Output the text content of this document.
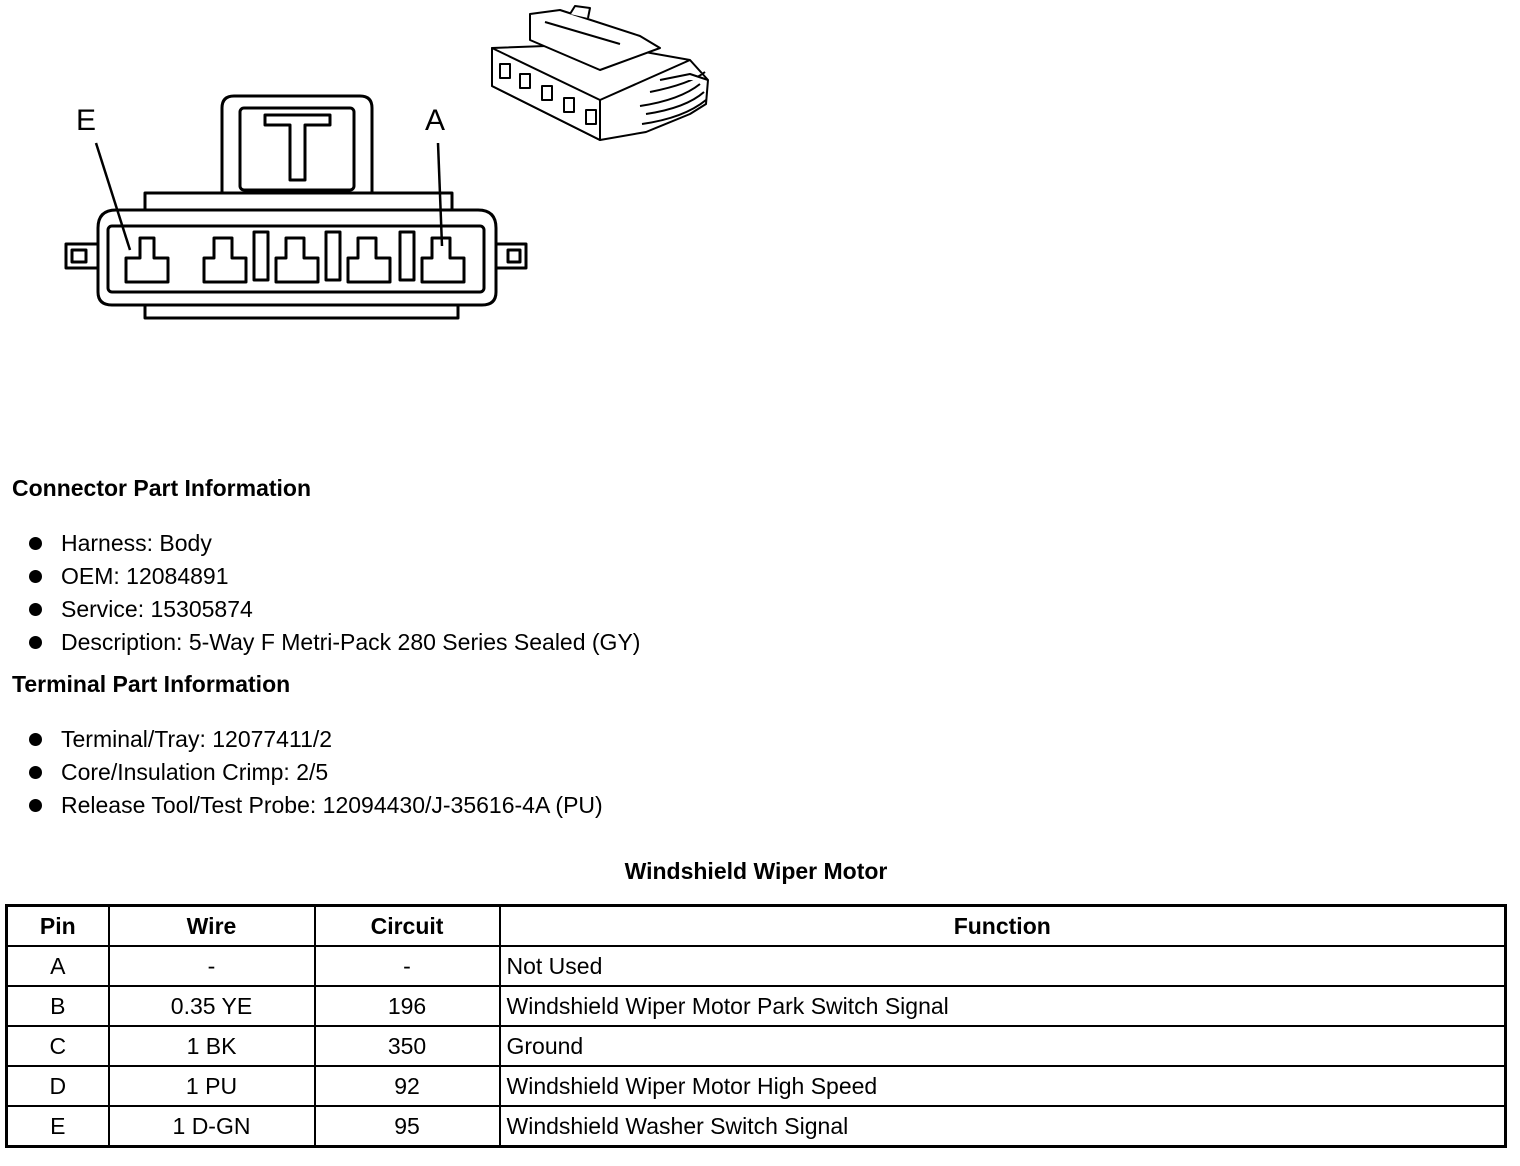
E	A
Connector Part Information
Harness: Body
OEM: 12084891
Service: 15305874
Description: 5-Way F Metri-Pack 280 Series Sealed (GY)
Terminal Part Information
Terminal/Tray: 12077411/2
Core/Insulation Crimp: 2/5
Release Tool/Test Probe: 12094430/J-35616-4A (PU)
Windshield Wiper Motor
Pin	Wire	Circuit	Function
A	-	-	Not Used
B	0.35 YE	196	Windshield Wiper Motor Park Switch Signal
C	1 BK	350	Ground
D	1 PU	92	Windshield Wiper Motor High Speed
E	1 D-GN	95	Windshield Washer Switch Signal
